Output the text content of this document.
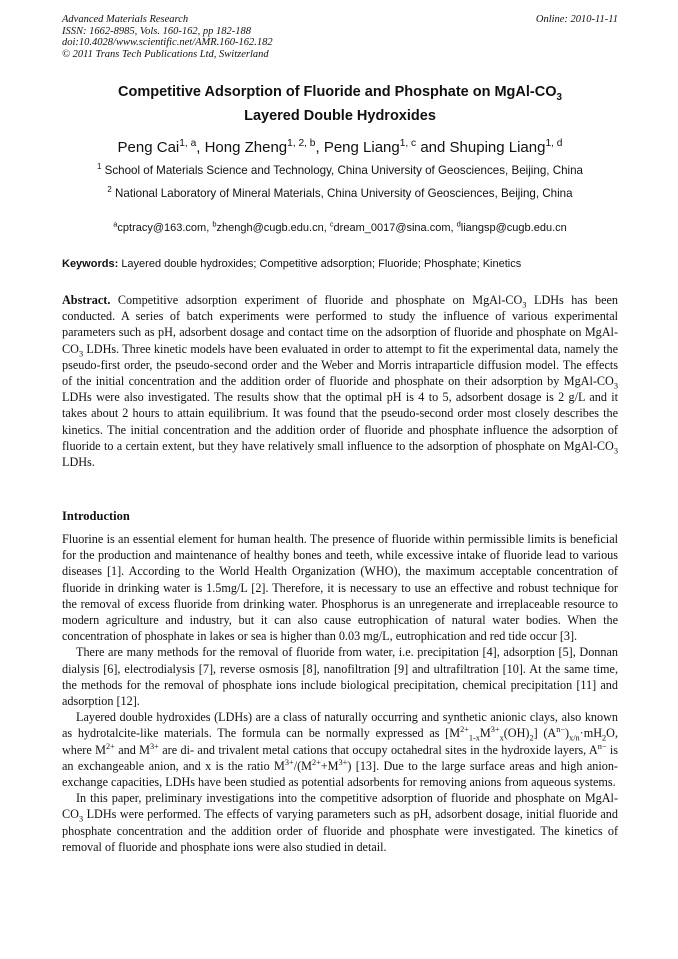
Advanced Materials Research
ISSN: 1662-8985, Vols. 160-162, pp 182-188
doi:10.4028/www.scientific.net/AMR.160-162.182
© 2011 Trans Tech Publications Ltd, Switzerland
Online: 2010-11-11
Competitive Adsorption of Fluoride and Phosphate on MgAl-$CO_3$
Layered Double Hydroxides
Peng Cai$^{1, a}$, Hong Zheng$^{1, 2, b}$, Peng Liang$^{1, c}$ and Shuping Liang$^{1, d}$
$^1$ School of Materials Science and Technology, China University of Geosciences, Beijing, China
$^2$ National Laboratory of Mineral Materials, China University of Geosciences, Beijing, China
$^a$cptracy@163.com, $^b$zhengh@cugb.edu.cn, $^c$dream_0017@sina.com, $^d$liangsp@cugb.edu.cn
Keywords: Layered double hydroxides; Competitive adsorption; Fluoride; Phosphate; Kinetics
Abstract. Competitive adsorption experiment of fluoride and phosphate on MgAl-$CO_3$ LDHs has been conducted. A series of batch experiments were performed to study the influence of various experimental parameters such as pH, adsorbent dosage and contact time on the adsorption of fluoride and phosphate on MgAl-$CO_3$ LDHs. Three kinetic models have been evaluated in order to attempt to fit the experimental data, namely the pseudo-first order, the pseudo-second order and the Weber and Morris intraparticle diffusion model. The effects of the initial concentration and the addition order of fluoride and phosphate on their adsorption by MgAl-$CO_3$ LDHs were also investigated. The results show that the optimal pH is 4 to 5, adsorbent dosage is 2 g/L and it takes about 2 hours to attain equilibrium. It was found that the pseudo-second order most closely describes the kinetics. The initial concentration and the addition order of fluoride and phosphate influence the adsorption of fluoride to a certain extent, but they have relatively small influence to the adsorption of phosphate on MgAl-$CO_3$ LDHs.
Introduction

Fluorine is an essential element for human health. The presence of fluoride within permissible limits is beneficial for the production and maintenance of healthy bones and teeth, while excessive intake of fluoride lead to various diseases [1]. According to the World Health Organization (WHO), the maximum acceptable concentration of fluoride in drinking water is 1.5mg/L [2]. Therefore, it is necessary to use an effective and robust technique for the removal of excess fluoride from drinking water. Phosphorus is an unregenerate and irreplaceable resource to modern agriculture and industry, but it can also cause eutrophication of natural water bodies. When the concentration of phosphate in lakes or sea is higher than 0.03 mg/L, eutrophication and red tide occur [3].

There are many methods for the removal of fluoride from water, i.e. precipitation [4], adsorption [5], Donnan dialysis [6], electrodialysis [7], reverse osmosis [8], nanofiltration [9] and ultrafiltration [10]. At the same time, the methods for the removal of phosphate ions include biological precipitation, chemical precipitation [11] and adsorption [12].

Layered double hydroxides (LDHs) are a class of naturally occurring and synthetic anionic clays, also known as hydrotalcite-like materials. The formula can be normally expressed as $[M^{2+}_{1-x}M^{3+}_x(OH)_2]$ $(A^{n-})_{x/n}\cdot mH_2O$, where $M^{2+}$ and $M^{3+}$ are di- and trivalent metal cations that occupy octahedral sites in the hydroxide layers, $A^{n-}$ is an exchangeable anion, and x is the ratio $M^{3+}/(M^{2+}+M^{3+})$ [13]. Due to the large surface areas and high anion-exchange capacities, LDHs have been studied as potential adsorbents for removing anions from aqueous systems.

In this paper, preliminary investigations into the competitive adsorption of fluoride and phosphate on MgAl-$CO_3$ LDHs were performed. The effects of varying parameters such as pH, adsorbent dosage, initial fluoride and phosphate concentration and the addition order of fluoride and phosphate were investigated. The kinetics of removal of fluoride and phosphate ions were also studied in detail.
